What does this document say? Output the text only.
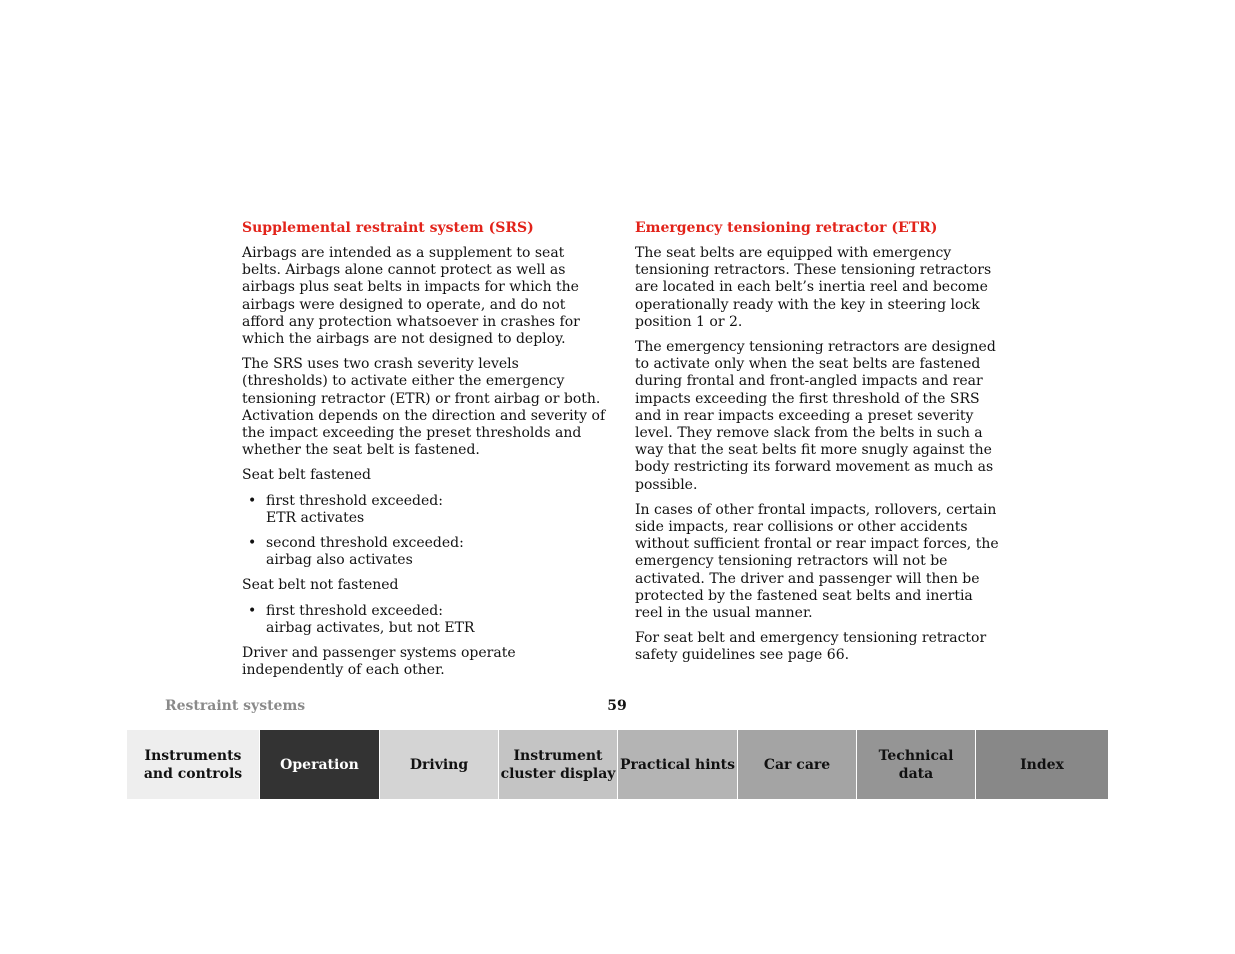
Supplemental restraint system (SRS)

Airbags are intended as a supplement to seat belts. Airbags alone cannot protect as well as airbags plus seat belts in impacts for which the airbags were designed to operate, and do not afford any protection whatsoever in crashes for which the airbags are not designed to deploy.

The SRS uses two crash severity levels (thresholds) to activate either the emergency tensioning retractor (ETR) or front airbag or both. Activation depends on the direction and severity of the impact exceeding the preset thresholds and whether the seat belt is fastened.

Seat belt fastened

• first threshold exceeded:
ETR activates
• second threshold exceeded:
airbag also activates

Seat belt not fastened

• first threshold exceeded:
airbag activates, but not ETR

Driver and passenger systems operate independently of each other.

Emergency tensioning retractor (ETR)

The seat belts are equipped with emergency tensioning retractors. These tensioning retractors are located in each belt’s inertia reel and become operationally ready with the key in steering lock position 1 or 2.

The emergency tensioning retractors are designed to activate only when the seat belts are fastened during frontal and front-angled impacts and rear impacts exceeding the first threshold of the SRS and in rear impacts exceeding a preset severity level. They remove slack from the belts in such a way that the seat belts fit more snugly against the body restricting its forward movement as much as possible.

In cases of other frontal impacts, rollovers, certain side impacts, rear collisions or other accidents without sufficient frontal or rear impact forces, the emergency tensioning retractors will not be activated. The driver and passenger will then be protected by the fastened seat belts and inertia reel in the usual manner.

For seat belt and emergency tensioning retractor safety guidelines see page 66.

Restraint systems	59
Instruments
and controls
Operation	Driving
Instrument
cluster display
Practical hints	Car care
Technical
data
Index
